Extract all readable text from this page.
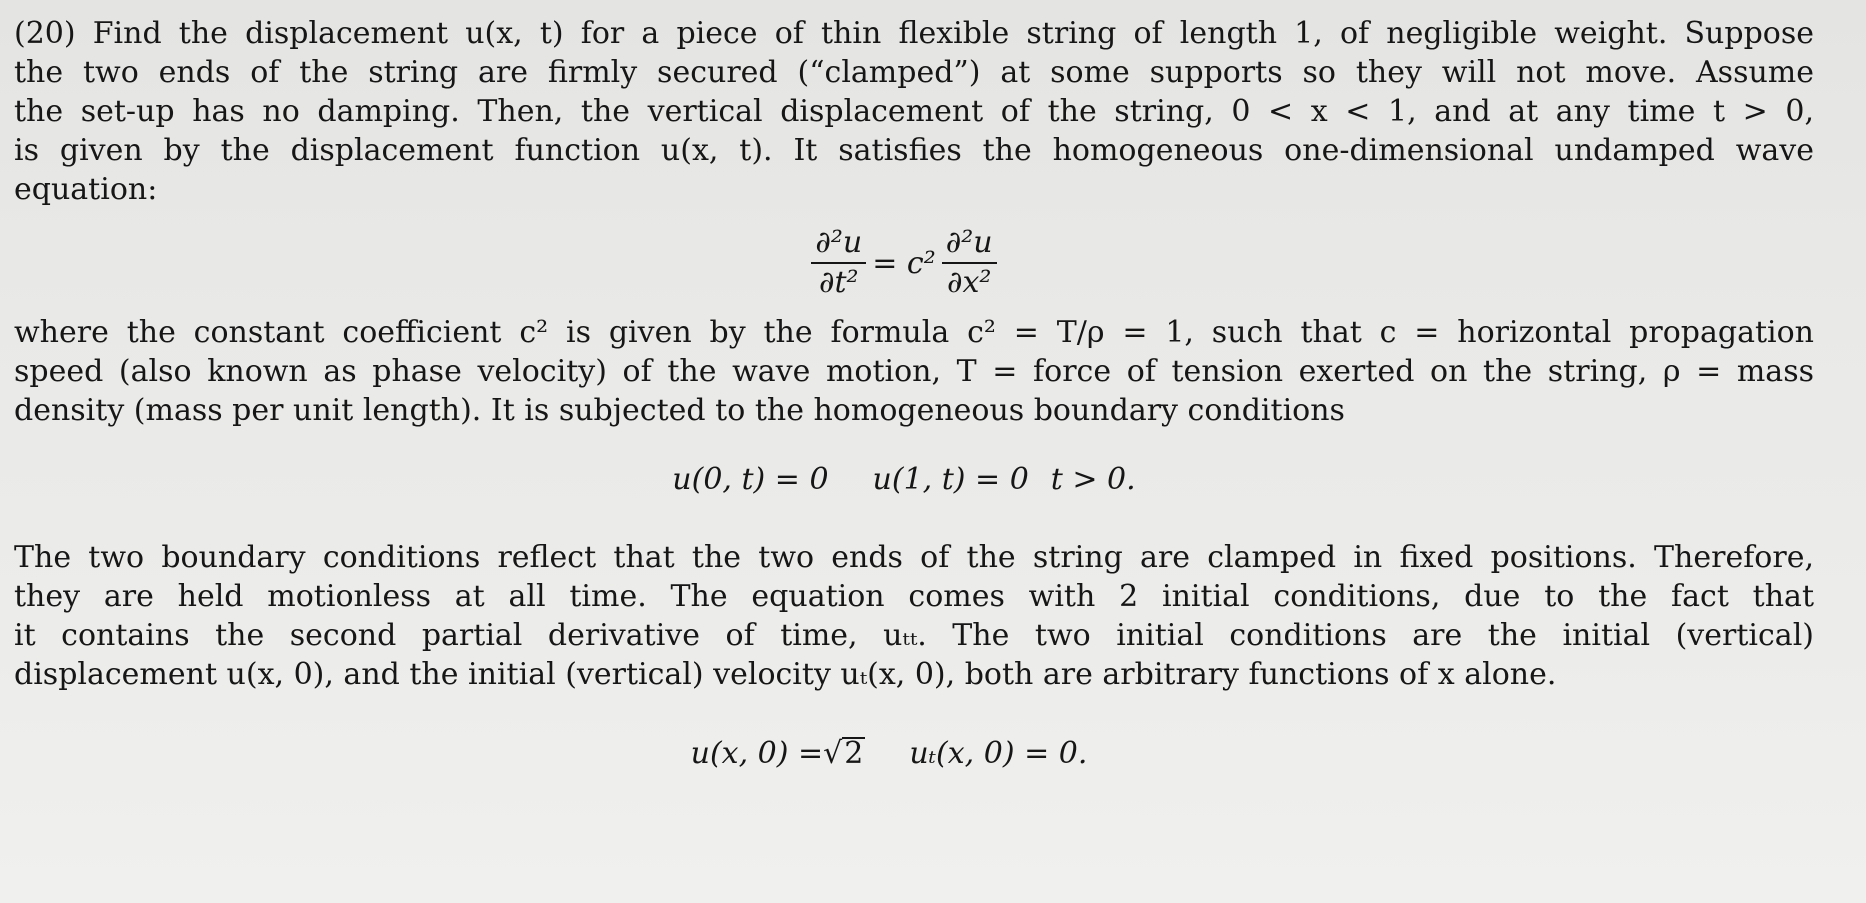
(20) Find the displacement u(x, t) for a piece of thin flexible string of length 1, of negligible weight. Suppose
the two ends of the string are firmly secured (“clamped”) at some supports so they will not move. Assume
the set-up has no damping. Then, the vertical displacement of the string, 0 < x < 1, and at any time t > 0,
is given by the displacement function u(x, t). It satisfies the homogeneous one-dimensional undamped wave
equation:

$\frac{\text{∂²u}}{\text{∂t²}} = c^2 \frac{\text{∂²u}}{\text{∂x²}}$

where the constant coefficient c² is given by the formula c² = T/ρ = 1, such that c = horizontal propagation
speed (also known as phase velocity) of the wave motion, T = force of tension exerted on the string, ρ = mass
density (mass per unit length). It is subjected to the homogeneous boundary conditions

u(0, t) = 0 u(1, t) = 0 t > 0.

The two boundary conditions reflect that the two ends of the string are clamped in fixed positions. Therefore,
they are held motionless at all time. The equation comes with 2 initial conditions, due to the fact that
it contains the second partial derivative of time, uₜₜ. The two initial conditions are the initial (vertical)
displacement u(x, 0), and the initial (vertical) velocity uₜ(x, 0), both are arbitrary functions of x alone.

u(x, 0) = √ 2 uₜ(x, 0) = 0.
